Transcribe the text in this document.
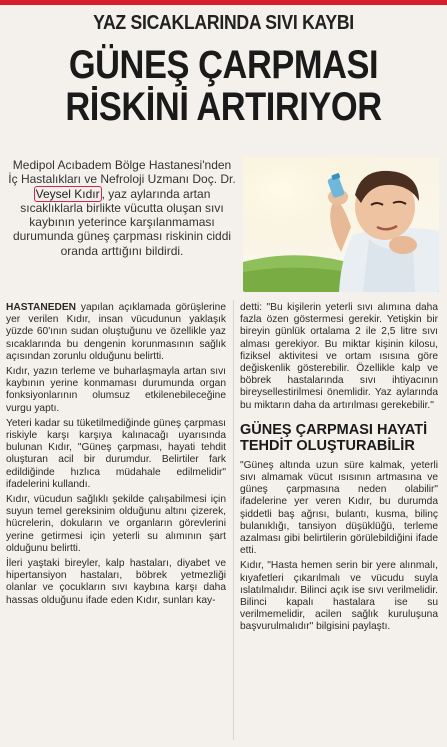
YAZ SICAKLARINDA SIVI KAYBI
GÜNEŞ ÇARPMASI
RİSKİNİ ARTIRIYOR
Medipol Acıbadem Bölge Hastanesi'nden İç Hastalıkları ve Nefroloji Uzmanı Doç. Dr. Veysel Kıdır , yaz aylarında artan sıcaklıklarla birlikte vücutta oluşan sıvı kaybının yeterince karşılanmaması durumunda güneş çarpması riskinin ciddi oranda arttığını bildirdi.

HASTANEDEN yapılan açıklamada görüşlerine yer verilen Kıdır, insan vücudunun yaklaşık yüzde 60'ının sudan oluştuğunu ve özellikle yaz sıcaklarında bu dengenin korunmasının sağlık açısından zorunlu olduğunu belirtti.

Kıdır, yazın terleme ve buharlaşmayla artan sıvı kaybının yerine konmaması durumunda organ fonksiyonlarının olumsuz etkilenebileceğine vurgu yaptı.

Yeteri kadar su tüketilmediğinde güneş çarpması riskiyle karşı karşıya kalınacağı uyarısında bulunan Kıdır, "Güneş çarpması, hayati tehdit oluşturan acil bir durumdur. Belirtiler fark edildiğinde hızlıca müdahale edilmelidir" ifadelerini kullandı.

Kıdır, vücudun sağlıklı şekilde çalışabilmesi için suyun temel gereksinim olduğunu altını çizerek, hücrelerin, dokuların ve organların görevlerini yerine getirmesi için yeterli su alımının şart olduğunu belirtti.

İleri yaştaki bireyler, kalp hastaları, diyabet ve hipertansiyon hastaları, böbrek yetmezliği olanlar ve çocukların sıvı kaybına karşı daha hassas olduğunu ifade eden Kıdır, sunları kay-

detti: "Bu kişilerin yeterli sıvı alımına daha fazla özen göstermesi gerekir. Yetişkin bir bireyin günlük ortalama 2 ile 2,5 litre sıvı alması gerekiyor. Bu miktar kişinin kilosu, fiziksel aktivitesi ve ortam ısısına göre değiskenlik gösterebilir. Özellikle kalp ve böbrek hastalarında sıvı ihtiyacının bireysellestirilmesi önemlidir. Yaz aylarında bu miktarın daha da artırılması gerekebilir."

GÜNEŞ ÇARPMASI HAYATİ TEHDİT OLUŞTURABİLİR

"Güneş altında uzun süre kalmak, yeterli sıvı almamak vücut ısısının artmasına ve güneş çarpmasına neden olabilir" ifadelerine yer veren Kıdır, bu durumda şiddetli baş ağrısı, bulantı, kusma, bilinç bulanıklığı, tansiyon düşüklüğü, terleme azalması gibi belirtilerin görülebildiğini ifade etti.

Kıdır, "Hasta hemen serin bir yere alınmalı, kıyafetleri çıkarılmalı ve vücudu suyla ıslatılmalıdır. Bilinci açık ise sıvı verilmelidir. Bilinci kapalı hastalara ise su verilmemelidir, acilen sağlık kuruluşuna başvurulmalıdır" bilgisini paylaştı.
